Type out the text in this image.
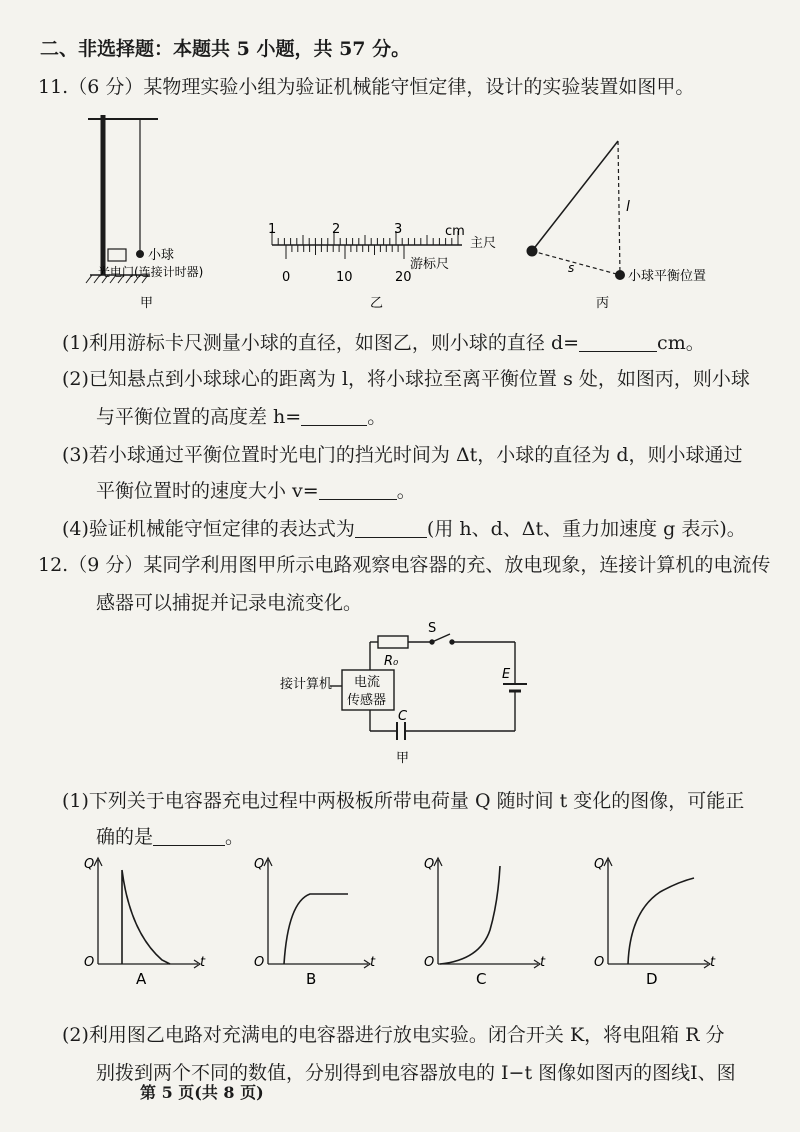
二、非选择题：本题共 5 小题，共 57 分。
11.（6 分）某物理实验小组为验证机械能守恒定律，设计的实验装置如图甲。
小球
光电门(连接计时器)
甲
1	2	3	cm
主尺
0	10	20
游标尺
乙
l
s
小球平衡位置
丙
(1)利用游标卡尺测量小球的直径，如图乙，则小球的直径 d=	cm。
(2)已知悬点到小球球心的距离为 l，将小球拉至离平衡位置 s 处，如图丙，则小球
与平衡位置的高度差 h=	。
(3)若小球通过平衡位置时光电门的挡光时间为 Δt，小球的直径为 d，则小球通过
平衡位置时的速度大小 v=	。
(4)验证机械能守恒定律的表达式为	(用 h、d、Δt、重力加速度 g 表示)。
12.（9 分）某同学利用图甲所示电路观察电容器的充、放电现象，连接计算机的电流传
感器可以捕捉并记录电流变化。
R₀
S
E
接计算机 电流
传感器
C
甲
(1)下列关于电容器充电过程中两极板所带电荷量 Q 随时间 t 变化的图像，可能正
确的是	。
Q
t
O
A
Q
t
O
B
Q
t
O
C
Q
t
O
D
(2)利用图乙电路对充满电的电容器进行放电实验。闭合开关 K，将电阻箱 R 分
别拨到两个不同的数值，分别得到电容器放电的 I−t 图像如图丙的图线Ⅰ、图
第 5 页(共 8 页)
